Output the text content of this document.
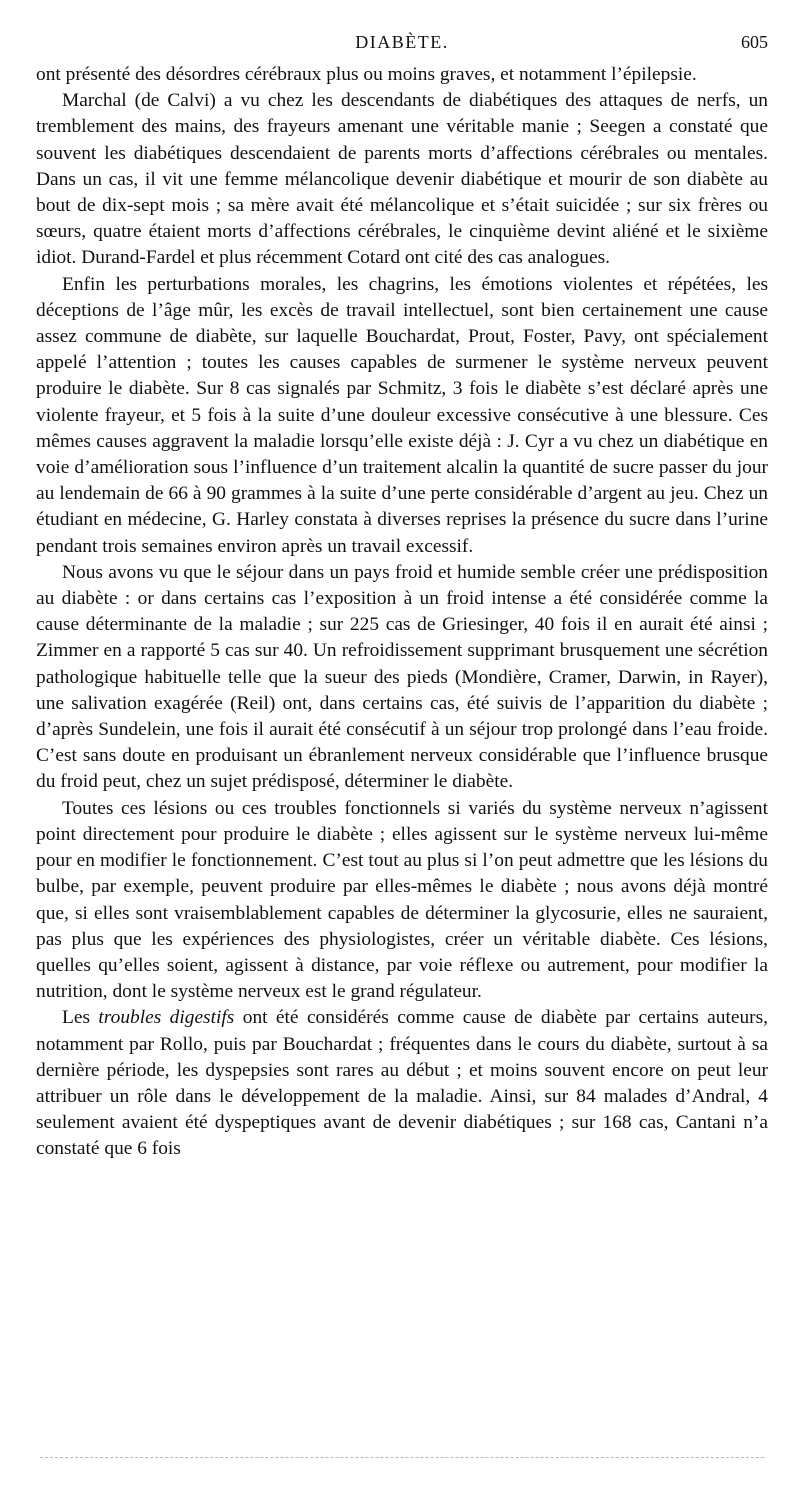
DIABÈTE.	605

ont présenté des désordres cérébraux plus ou moins graves, et notamment l’épilepsie.

Marchal (de Calvi) a vu chez les descendants de diabétiques des attaques de nerfs, un tremblement des mains, des frayeurs amenant une véritable manie ; Seegen a constaté que souvent les diabétiques descendaient de parents morts d’affections cérébrales ou mentales. Dans un cas, il vit une femme mélancolique devenir diabétique et mourir de son diabète au bout de dix-sept mois ; sa mère avait été mélancolique et s’était suicidée ; sur six frères ou sœurs, quatre étaient morts d’affections cérébrales, le cinquième devint aliéné et le sixième idiot. Durand-Fardel et plus récemment Cotard ont cité des cas analogues.

Enfin les perturbations morales, les chagrins, les émotions violentes et répétées, les déceptions de l’âge mûr, les excès de travail intellectuel, sont bien certainement une cause assez commune de diabète, sur laquelle Bouchardat, Prout, Foster, Pavy, ont spécialement appelé l’attention ; toutes les causes capables de surmener le système nerveux peuvent produire le diabète. Sur 8 cas signalés par Schmitz, 3 fois le diabète s’est déclaré après une violente frayeur, et 5 fois à la suite d’une douleur excessive consécutive à une blessure. Ces mêmes causes aggravent la maladie lorsqu’elle existe déjà : J. Cyr a vu chez un diabétique en voie d’amélioration sous l’influence d’un traitement alcalin la quantité de sucre passer du jour au lendemain de 66 à 90 grammes à la suite d’une perte considérable d’argent au jeu. Chez un étudiant en médecine, G. Harley constata à diverses reprises la présence du sucre dans l’urine pendant trois semaines environ après un travail excessif.

Nous avons vu que le séjour dans un pays froid et humide semble créer une prédisposition au diabète : or dans certains cas l’exposition à un froid intense a été considérée comme la cause déterminante de la maladie ; sur 225 cas de Griesinger, 40 fois il en aurait été ainsi ; Zimmer en a rapporté 5 cas sur 40. Un refroidissement supprimant brusquement une sécrétion pathologique habituelle telle que la sueur des pieds (Mondière, Cramer, Darwin, in Rayer), une salivation exagérée (Reil) ont, dans certains cas, été suivis de l’apparition du diabète ; d’après Sundelein, une fois il aurait été consécutif à un séjour trop prolongé dans l’eau froide. C’est sans doute en produisant un ébranlement nerveux considérable que l’influence brusque du froid peut, chez un sujet prédisposé, déterminer le diabète.

Toutes ces lésions ou ces troubles fonctionnels si variés du système nerveux n’agissent point directement pour produire le diabète ; elles agissent sur le système nerveux lui-même pour en modifier le fonctionnement. C’est tout au plus si l’on peut admettre que les lésions du bulbe, par exemple, peuvent produire par elles-mêmes le diabète ; nous avons déjà montré que, si elles sont vraisemblablement capables de déterminer la glycosurie, elles ne sauraient, pas plus que les expériences des physiologistes, créer un véritable diabète. Ces lésions, quelles qu’elles soient, agissent à distance, par voie réflexe ou autrement, pour modifier la nutrition, dont le système nerveux est le grand régulateur.

Les troubles digestifs ont été considérés comme cause de diabète par certains auteurs, notamment par Rollo, puis par Bouchardat ; fréquentes dans le cours du diabète, surtout à sa dernière période, les dyspepsies sont rares au début ; et moins souvent encore on peut leur attribuer un rôle dans le développement de la maladie. Ainsi, sur 84 malades d’Andral, 4 seulement avaient été dyspeptiques avant de devenir diabétiques ; sur 168 cas, Cantani n’a constaté que 6 fois
